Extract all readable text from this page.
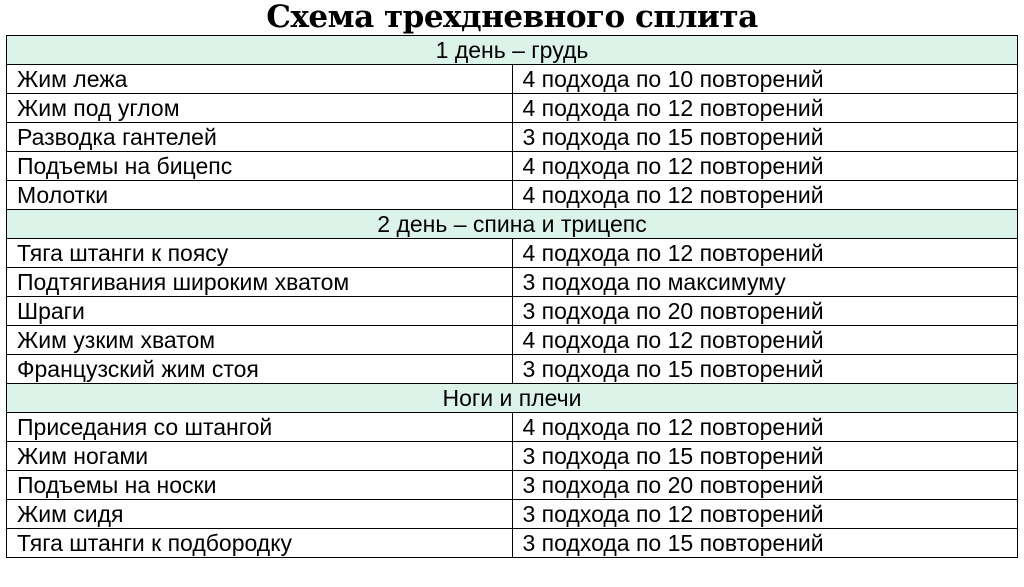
Схема трехдневного сплита
1 день – грудь	
Жим лежа	4 подхода по 10 повторений
Жим под углом	4 подхода по 12 повторений
Разводка гантелей	3 подхода по 15 повторений
Подъемы на бицепс	4 подхода по 12 повторений
Молотки	4 подхода по 12 повторений
2 день – спина и трицепс	
Тяга штанги к поясу	4 подхода по 12 повторений
Подтягивания широким хватом	3 подхода по максимуму
Шраги	3 подхода по 20 повторений
Жим узким хватом	4 подхода по 12 повторений
Французский жим стоя	3 подхода по 15 повторений
Ноги и плечи	
Приседания со штангой	4 подхода по 12 повторений
Жим ногами	3 подхода по 15 повторений
Подъемы на носки	3 подхода по 20 повторений
Жим сидя	3 подхода по 12 повторений
Тяга штанги к подбородку	3 подхода по 15 повторений
